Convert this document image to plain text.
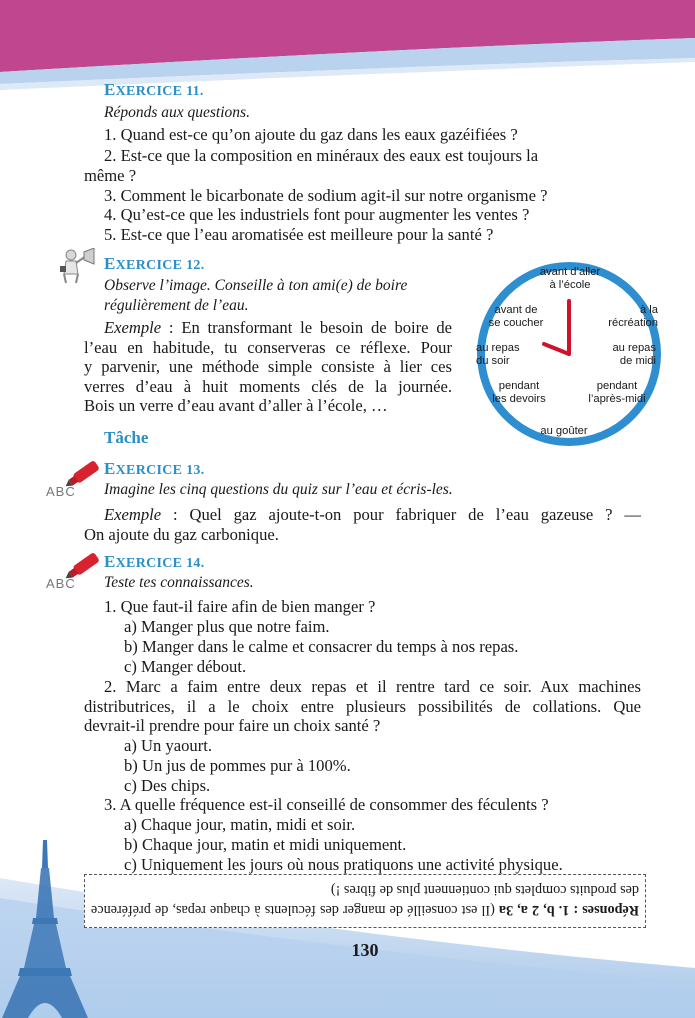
EXERCICE 11.
Réponds aux questions.
1. Quand est-ce qu’on ajoute du gaz dans les eaux gazéifiées ?
2. Est-ce que la composition en minéraux des eaux est toujours la
même ?
3. Comment le bicarbonate de sodium agit-il sur notre organisme ?
4. Qu’est-ce que les industriels font pour augmenter les ventes ?
5. Est-ce que l’eau aromatisée est meilleure pour la santé ?
EXERCICE 12.
Observe l’image. Conseille à ton ami(e) de boire
régulièrement de l’eau.
Exemple : En transformant le besoin de boire de
l’eau en habitude, tu conserveras ce réflexe. Pour
y parvenir, une méthode simple consiste à lier ces
verres d’eau à huit moments clés de la journée.
Bois un verre d’eau avant d’aller à l’école, …
avant d’aller
à l’école
avant de
se coucher
à la
récréation
au repas
du soir
au repas
de midi
pendant
les devoirs
pendant
l’après-midi
au goûter
Tâche
ABC
EXERCICE 13.
Imagine les cinq questions du quiz sur l’eau et écris-les.
Exemple : Quel gaz ajoute-t-on pour fabriquer de l’eau gazeuse ? —
On ajoute du gaz carbonique.
ABC
EXERCICE 14.
Teste tes connaissances.
1. Que faut-il faire afin de bien manger ?
a) Manger plus que notre faim.
b) Manger dans le calme et consacrer du temps à nos repas.
c) Manger débout.
2. Marc a faim entre deux repas et il rentre tard ce soir. Aux machines
distributrices, il a le choix entre plusieurs possibilités de collations. Que
devrait-il prendre pour faire un choix santé ?
a) Un yaourt.
b) Un jus de pommes pur à 100%.
c) Des chips.
3. A quelle fréquence est-il conseillé de consommer des féculents ?
a) Chaque jour, matin, midi et soir.
b) Chaque jour, matin et midi uniquement.
c) Uniquement les jours où nous pratiquons une activité physique.
Réponses : 1. b, 2 a, 3a (Il est conseillé de manger des féculents à chaque repas, de préférence des produits complets qui contiennent plus de fibres !)
130
